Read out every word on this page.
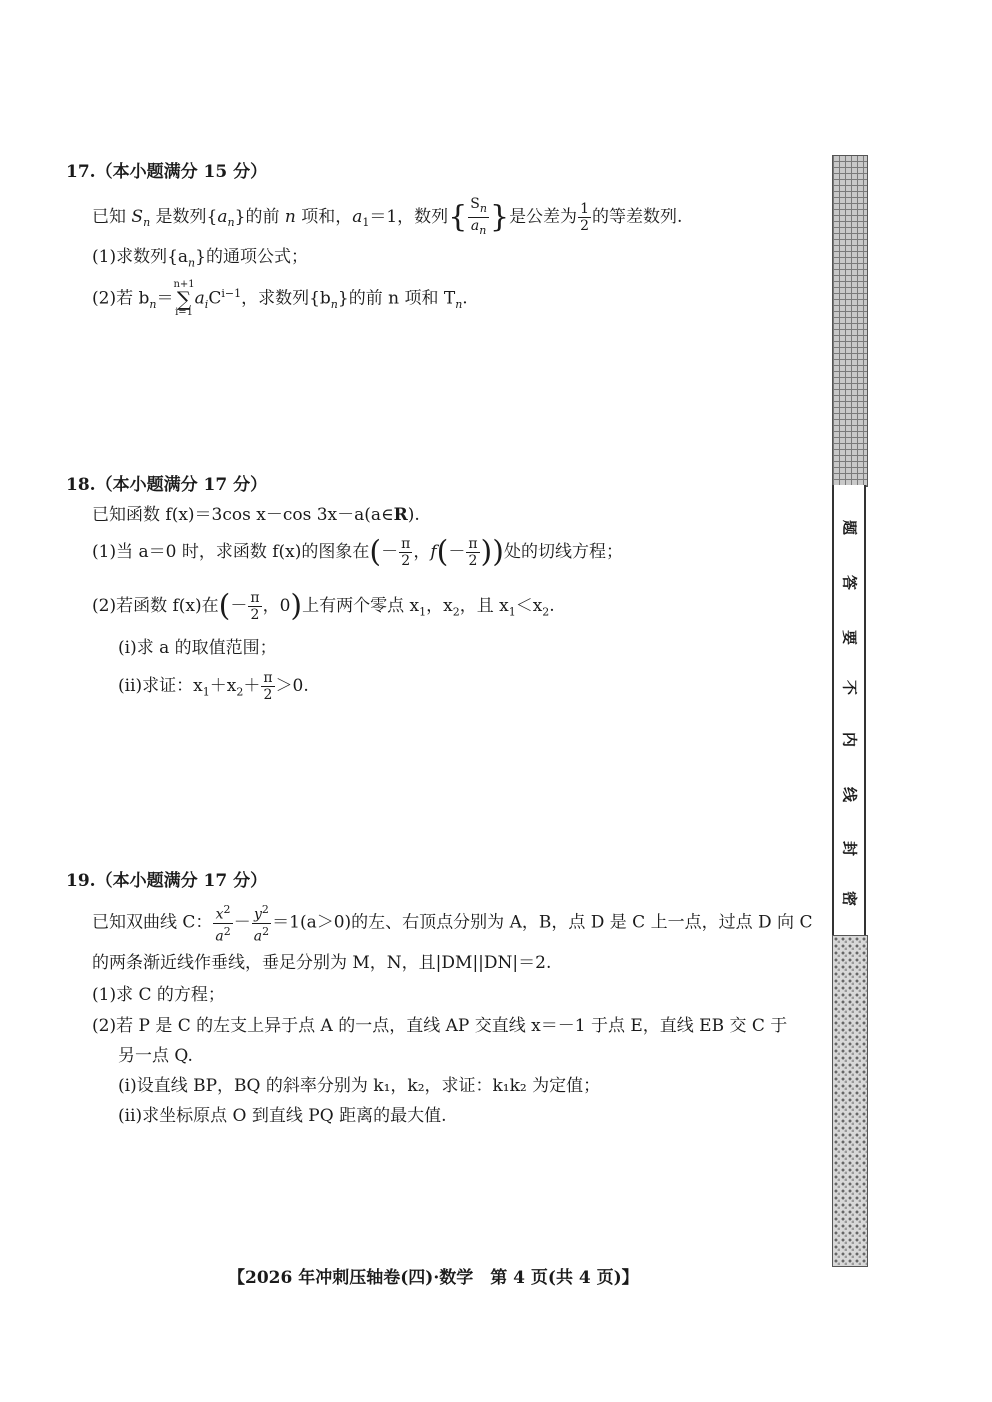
17.（本小题满分 15 分）
已知 $S_n$ 是数列$\{a_n\}$的前 n 项和，$a_1=1$，数列{ $\frac{S_n}{a_n}$ }是公差为 $\frac{1}{2}$ 的等差数列.
(1)求数列$\{a_n\}$的通项公式；
(2)若 $b_n=n+1$
∑
$i=1a_iC^{i-1}$，求数列$\{b_n\}$的前 n 项和 $T_n$.
18.（本小题满分 17 分）
已知函数 f(x)＝3cos x－cos 3x－a(a∈R).
(1)当 a＝0 时，求函数 f(x)的图象在(－ $\frac{\pi}{2}$ ，$f(- \frac{\pi}{2}$ ))处的切线方程；
(2)若函数 f(x)在(－ $\frac{\pi}{2}$ ，0)上有两个零点 $x_1$，$x_2$，且 $x_1<x_2$.
(ⅰ)求 a 的取值范围；
(ⅱ)求证：$x_1+x_2+ \frac{\pi}{2} >0$.
19.（本小题满分 17 分）
已知双曲线 C： $\frac{x^2}{a^2} - \frac{y^2}{a^2} =1(a>0)$的左、右顶点分别为 A，B，点 D 是 C 上一点，过点 D 向 C
的两条渐近线作垂线，垂足分别为 M，N，且|DM||DN|＝2.
(1)求 C 的方程；
(2)若 P 是 C 的左支上异于点 A 的一点，直线 AP 交直线 x＝－1 于点 E，直线 EB 交 C 于
另一点 Q.
(ⅰ)设直线 BP，BQ 的斜率分别为 k₁，k₂，求证：k₁k₂ 为定值；
(ⅱ)求坐标原点 O 到直线 PQ 距离的最大值.
题
答
要
不
内
线
封
密
【2026 年冲刺压轴卷(四)·数学　第 4 页(共 4 页)】
